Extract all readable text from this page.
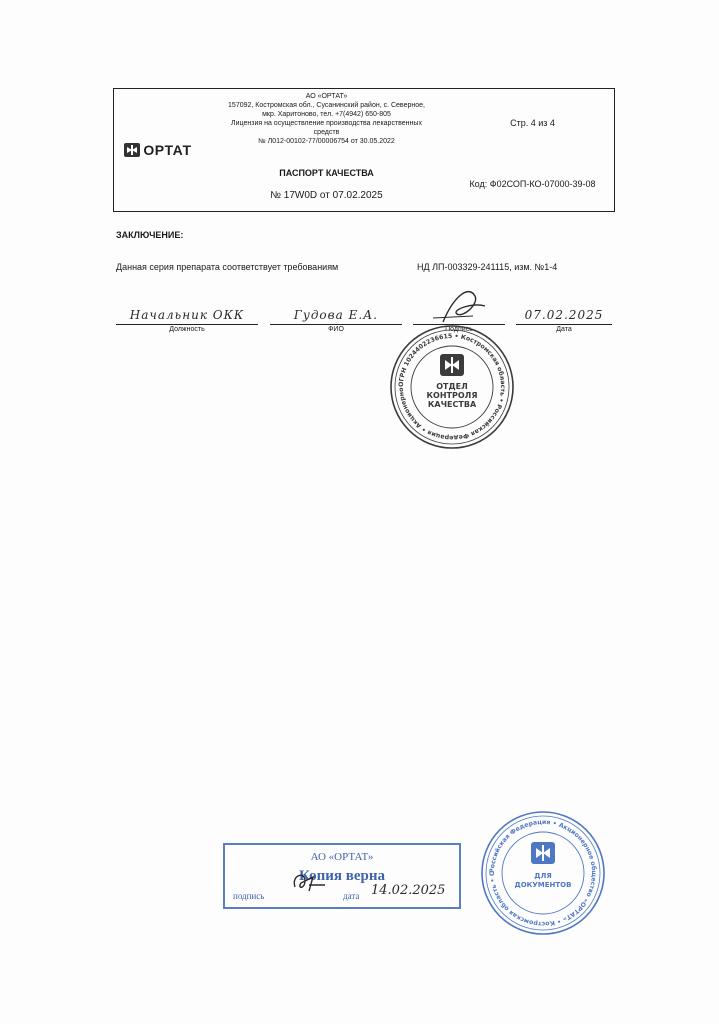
ОРТАТ
АО «ОРТАТ»
157092, Костромская обл., Сусанинский район, с. Северное,
мкр. Харитоново, тел. +7(4942) 650-805
Лицензия на осуществление производства лекарственных
средств
№ Л012-00102-77/00006754 от 30.05.2022
Стр. 4 из 4
ПАСПОРТ КАЧЕСТВА
№ 17W0D от 07.02.2025
Код: Ф02СОП-КО-07000-39-08
ЗАКЛЮЧЕНИЕ:
Данная серия препарата соответствует требованиям	НД ЛП-003329-241115, изм. №1-4
Начальник ОКК
Должность
Гудова Е.А.
ФИО	Подпись
07.02.2025
Дата
ОГРН 1024402236615 • Костромская область • Российская Федерация • Акционерно	ОТДЕЛ
КОНТРОЛЯ
КАЧЕСТВА
Российская Федерация • Акционерное общество «ОРТАТ» • Костромская область • С	ДЛЯ
ДОКУМЕНТОВ
АО «ОРТАТ»
Копия верна
подпись	дата 14.02.2025
